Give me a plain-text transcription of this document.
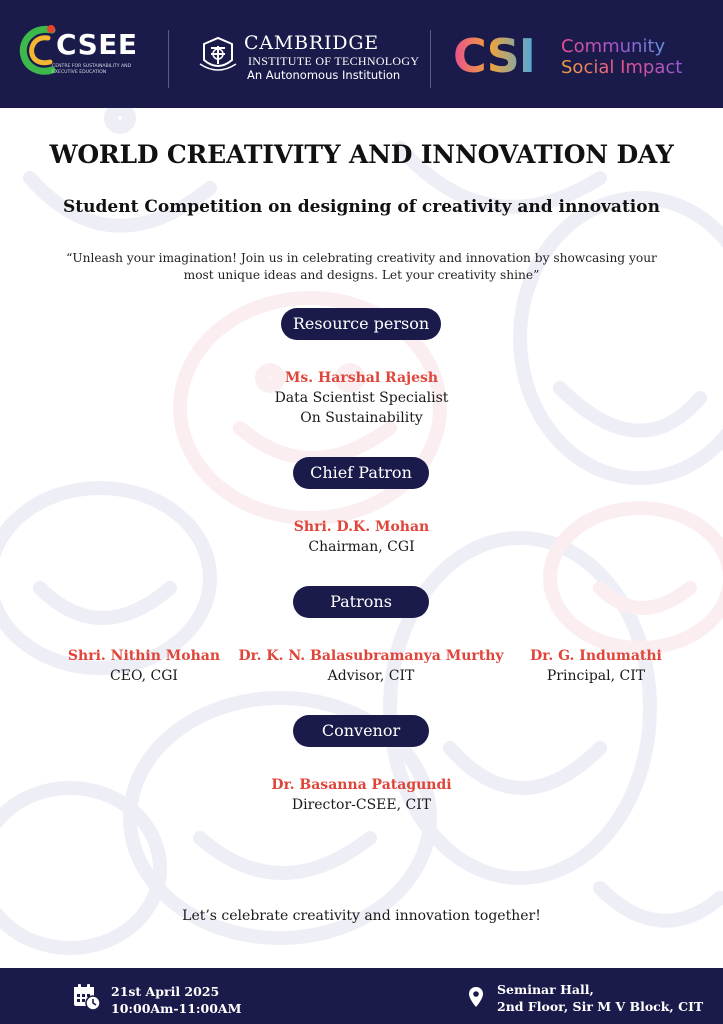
CSEE
CENTRE FOR SUSTAINABILITY AND EXECUTIVE EDUCATION
CAMBRIDGE
INSTITUTE OF TECHNOLOGY
An Autonomous Institution CSI Community
Social Impact
WORLD CREATIVITY AND INNOVATION DAY
Student Competition on designing of creativity and innovation
“Unleash your imagination! Join us in celebrating creativity and innovation by showcasing your most unique ideas and designs. Let your creativity shine”
Resource person
Ms. Harshal Rajesh
Data Scientist Specialist
On Sustainability
Chief Patron
Shri. D.K. Mohan
Chairman, CGI
Patrons
Shri. Nithin Mohan
CEO, CGI
Dr. K. N. Balasubramanya Murthy
Advisor, CIT
Dr. G. Indumathi
Principal, CIT
Convenor
Dr. Basanna Patagundi
Director-CSEE, CIT
Let’s celebrate creativity and innovation together!
21st April 2025
10:00Am-11:00AM
Seminar Hall,
2nd Floor, Sir M V Block, CIT
